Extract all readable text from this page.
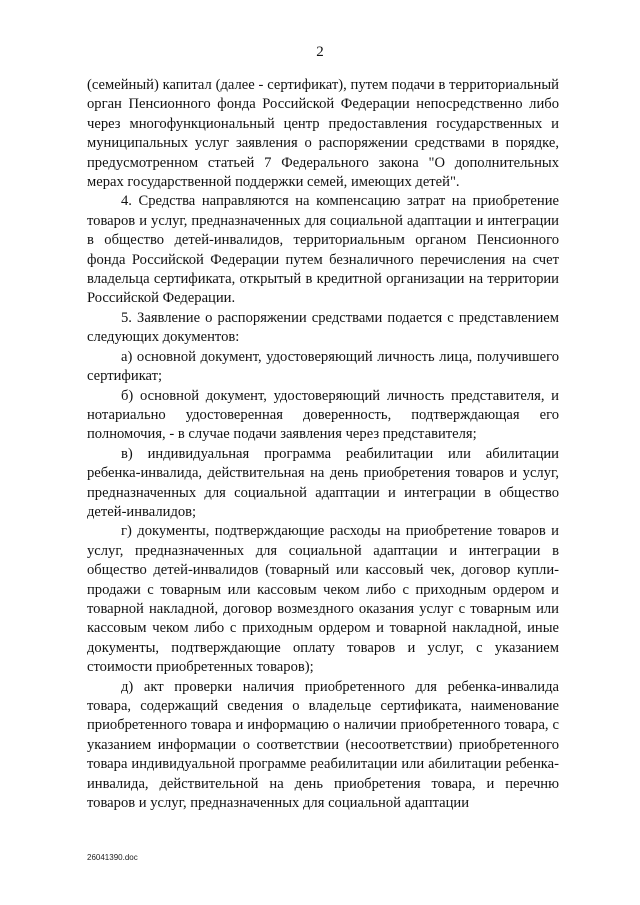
2

(семейный) капитал (далее - сертификат), путем подачи в территориальный орган Пенсионного фонда Российской Федерации непосредственно либо через многофункциональный центр предоставления государственных и муниципальных услуг заявления о распоряжении средствами в порядке, предусмотренном статьей 7 Федерального закона "О дополнительных мерах государственной поддержки семей, имеющих детей".

4. Средства направляются на компенсацию затрат на приобретение товаров и услуг, предназначенных для социальной адаптации и интеграции в общество детей-инвалидов, территориальным органом Пенсионного фонда Российской Федерации путем безналичного перечисления на счет владельца сертификата, открытый в кредитной организации на территории Российской Федерации.

5. Заявление о распоряжении средствами подается с представлением следующих документов:

а) основной документ, удостоверяющий личность лица, получившего сертификат;

б) основной документ, удостоверяющий личность представителя, и нотариально удостоверенная доверенность, подтверждающая его полномочия, - в случае подачи заявления через представителя;

в) индивидуальная программа реабилитации или абилитации ребенка-инвалида, действительная на день приобретения товаров и услуг, предназначенных для социальной адаптации и интеграции в общество детей-инвалидов;

г) документы, подтверждающие расходы на приобретение товаров и услуг, предназначенных для социальной адаптации и интеграции в общество детей-инвалидов (товарный или кассовый чек, договор купли-продажи с товарным или кассовым чеком либо с приходным ордером и товарной накладной, договор возмездного оказания услуг с товарным или кассовым чеком либо с приходным ордером и товарной накладной, иные документы, подтверждающие оплату товаров и услуг, с указанием стоимости приобретенных товаров);

д) акт проверки наличия приобретенного для ребенка-инвалида товара, содержащий сведения о владельце сертификата, наименование приобретенного товара и информацию о наличии приобретенного товара, с указанием информации о соответствии (несоответствии) приобретенного товара индивидуальной программе реабилитации или абилитации ребенка-инвалида, действительной на день приобретения товара, и перечню товаров и услуг, предназначенных для социальной адаптации

26041390.doc
